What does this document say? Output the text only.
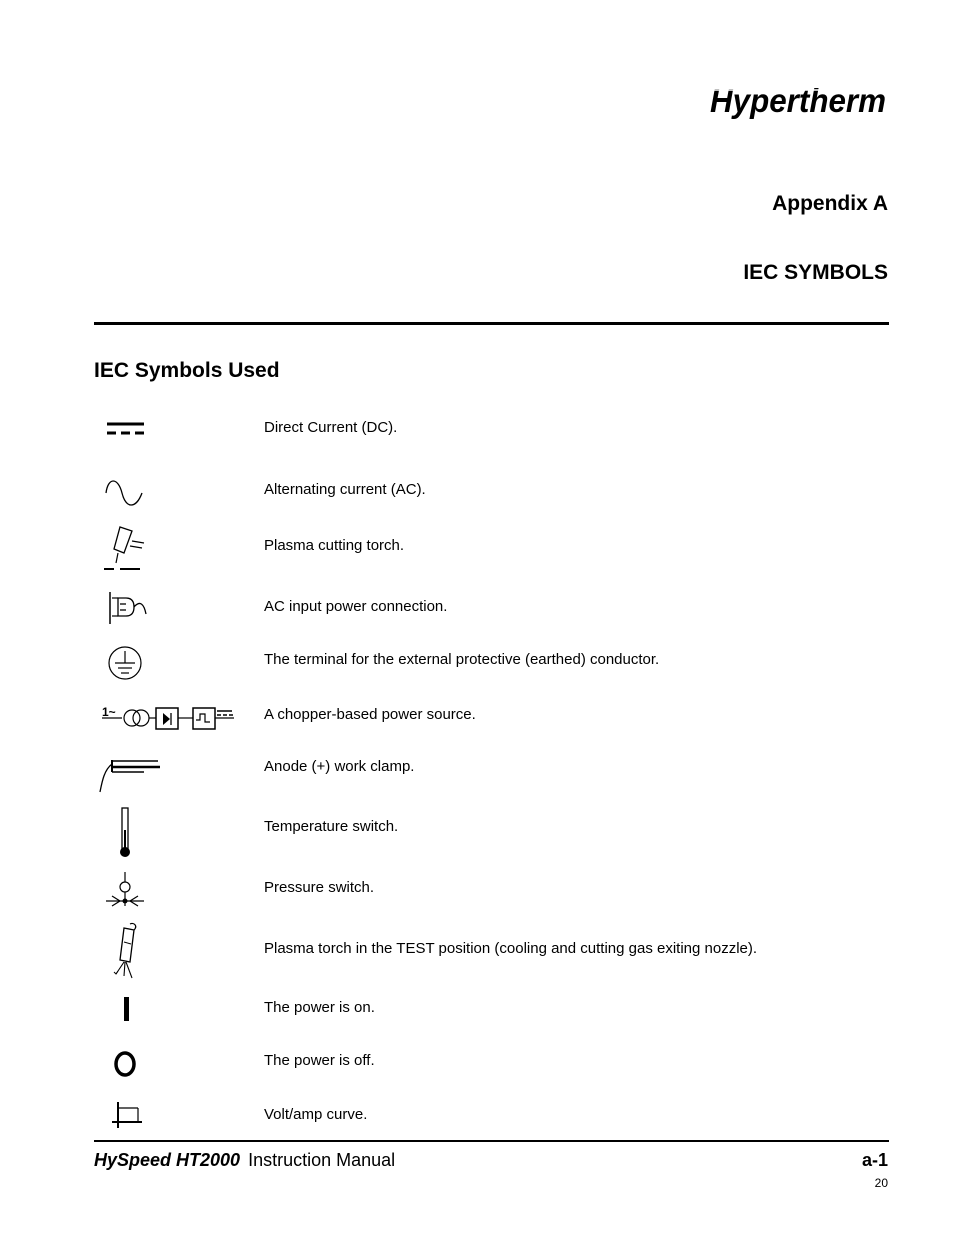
Hypertherm
Appendix A
IEC SYMBOLS
IEC Symbols Used
Direct Current (DC).
Alternating current (AC).
Plasma cutting torch.
AC input power connection.
The terminal for the external protective (earthed) conductor.
1~	A chopper-based power source.
Anode (+) work clamp.
Temperature switch.
Pressure switch.
Plasma torch in the TEST position (cooling and cutting gas exiting nozzle).
The power is on.
The power is off.
Volt/amp curve.
HySpeed HT2000 Instruction Manual	a-1
20
